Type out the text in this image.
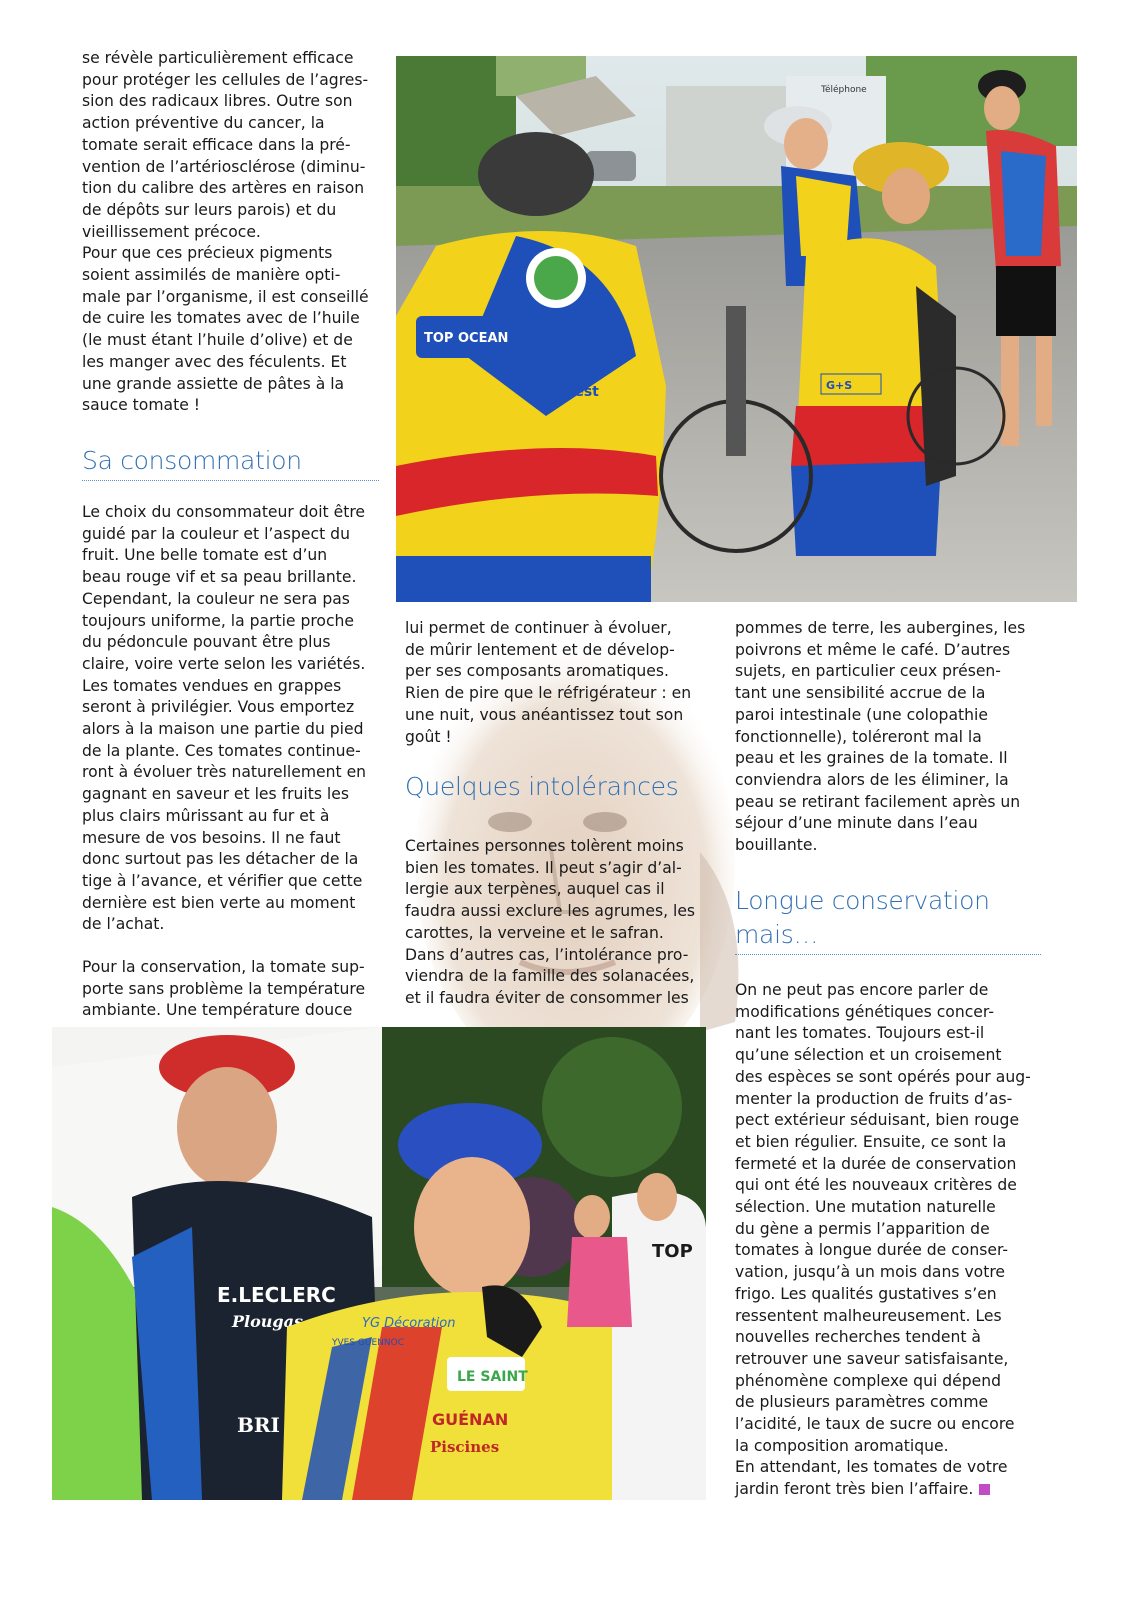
se révèle particulièrement efficace
pour protéger les cellules de l’agres-
sion des radicaux libres. Outre son
action préventive du cancer, la
tomate serait efficace dans la pré-
vention de l’artériosclérose (diminu-
tion du calibre des artères en raison
de dépôts sur leurs parois) et du
vieillissement précoce.

Pour que ces précieux pigments
soient assimilés de manière opti-
male par l’organisme, il est conseillé
de cuire les tomates avec de l’huile
(le must étant l’huile d’olive) et de
les manger avec des féculents. Et
une grande assiette de pâtes à la
sauce tomate !

Sa consommation

Le choix du consommateur doit être
guidé par la couleur et l’aspect du
fruit. Une belle tomate est d’un
beau rouge vif et sa peau brillante.
Cependant, la couleur ne sera pas
toujours uniforme, la partie proche
du pédoncule pouvant être plus
claire, voire verte selon les variétés.
Les tomates vendues en grappes
seront à privilégier. Vous emportez
alors à la maison une partie du pied
de la plante. Ces tomates continue-
ront à évoluer très naturellement en
gagnant en saveur et les fruits les
plus clairs mûrissant au fur et à
mesure de vos besoins. Il ne faut
donc surtout pas les détacher de la
tige à l’avance, et vérifier que cette
dernière est bien verte au moment
de l’achat.

Pour la conservation, la tomate sup-
porte sans problème la température
ambiante. Une température douce

Téléphone
TOP OCEAN
Mu ouest	G+S

lui permet de continuer à évoluer,
de mûrir lentement et de dévelop-
per ses composants aromatiques.
Rien de pire que le réfrigérateur : en
une nuit, vous anéantissez tout son
goût !

Quelques intolérances

Certaines personnes tolèrent moins
bien les tomates. Il peut s’agir d’al-
lergie aux terpènes, auquel cas il
faudra aussi exclure les agrumes, les
carottes, la verveine et le safran.
Dans d’autres cas, l’intolérance pro-
viendra de la famille des solanacées,
et il faudra éviter de consommer les

pommes de terre, les aubergines, les
poivrons et même le café. D’autres
sujets, en particulier ceux présen-
tant une sensibilité accrue de la
paroi intestinale (une colopathie
fonctionnelle), toléreront mal la
peau et les graines de la tomate. Il
conviendra alors de les éliminer, la
peau se retirant facilement après un
séjour d’une minute dans l’eau
bouillante.

Longue conservation
mais…

On ne peut pas encore parler de
modifications génétiques concer-
nant les tomates. Toujours est-il
qu’une sélection et un croisement
des espèces se sont opérés pour aug-
menter la production de fruits d’as-
pect extérieur séduisant, bien rouge
et bien régulier. Ensuite, ce sont la
fermeté et la durée de conservation
qui ont été les nouveaux critères de
sélection. Une mutation naturelle
du gène a permis l’apparition de
tomates à longue durée de conser-
vation, jusqu’à un mois dans votre
frigo. Les qualités gustatives s’en
ressentent malheureusement. Les
nouvelles recherches tendent à
retrouver une saveur satisfaisante,
phénomène complexe qui dépend
de plusieurs paramètres comme
l’acidité, le taux de sucre ou encore
la composition aromatique.

En attendant, les tomates de votre
jardin feront très bien l’affaire.

E.LECLERC
Plougas
BRI
YG Décoration
YVES GUENNOC
LE SAINT
GUÉNAN
Piscines
TOP
